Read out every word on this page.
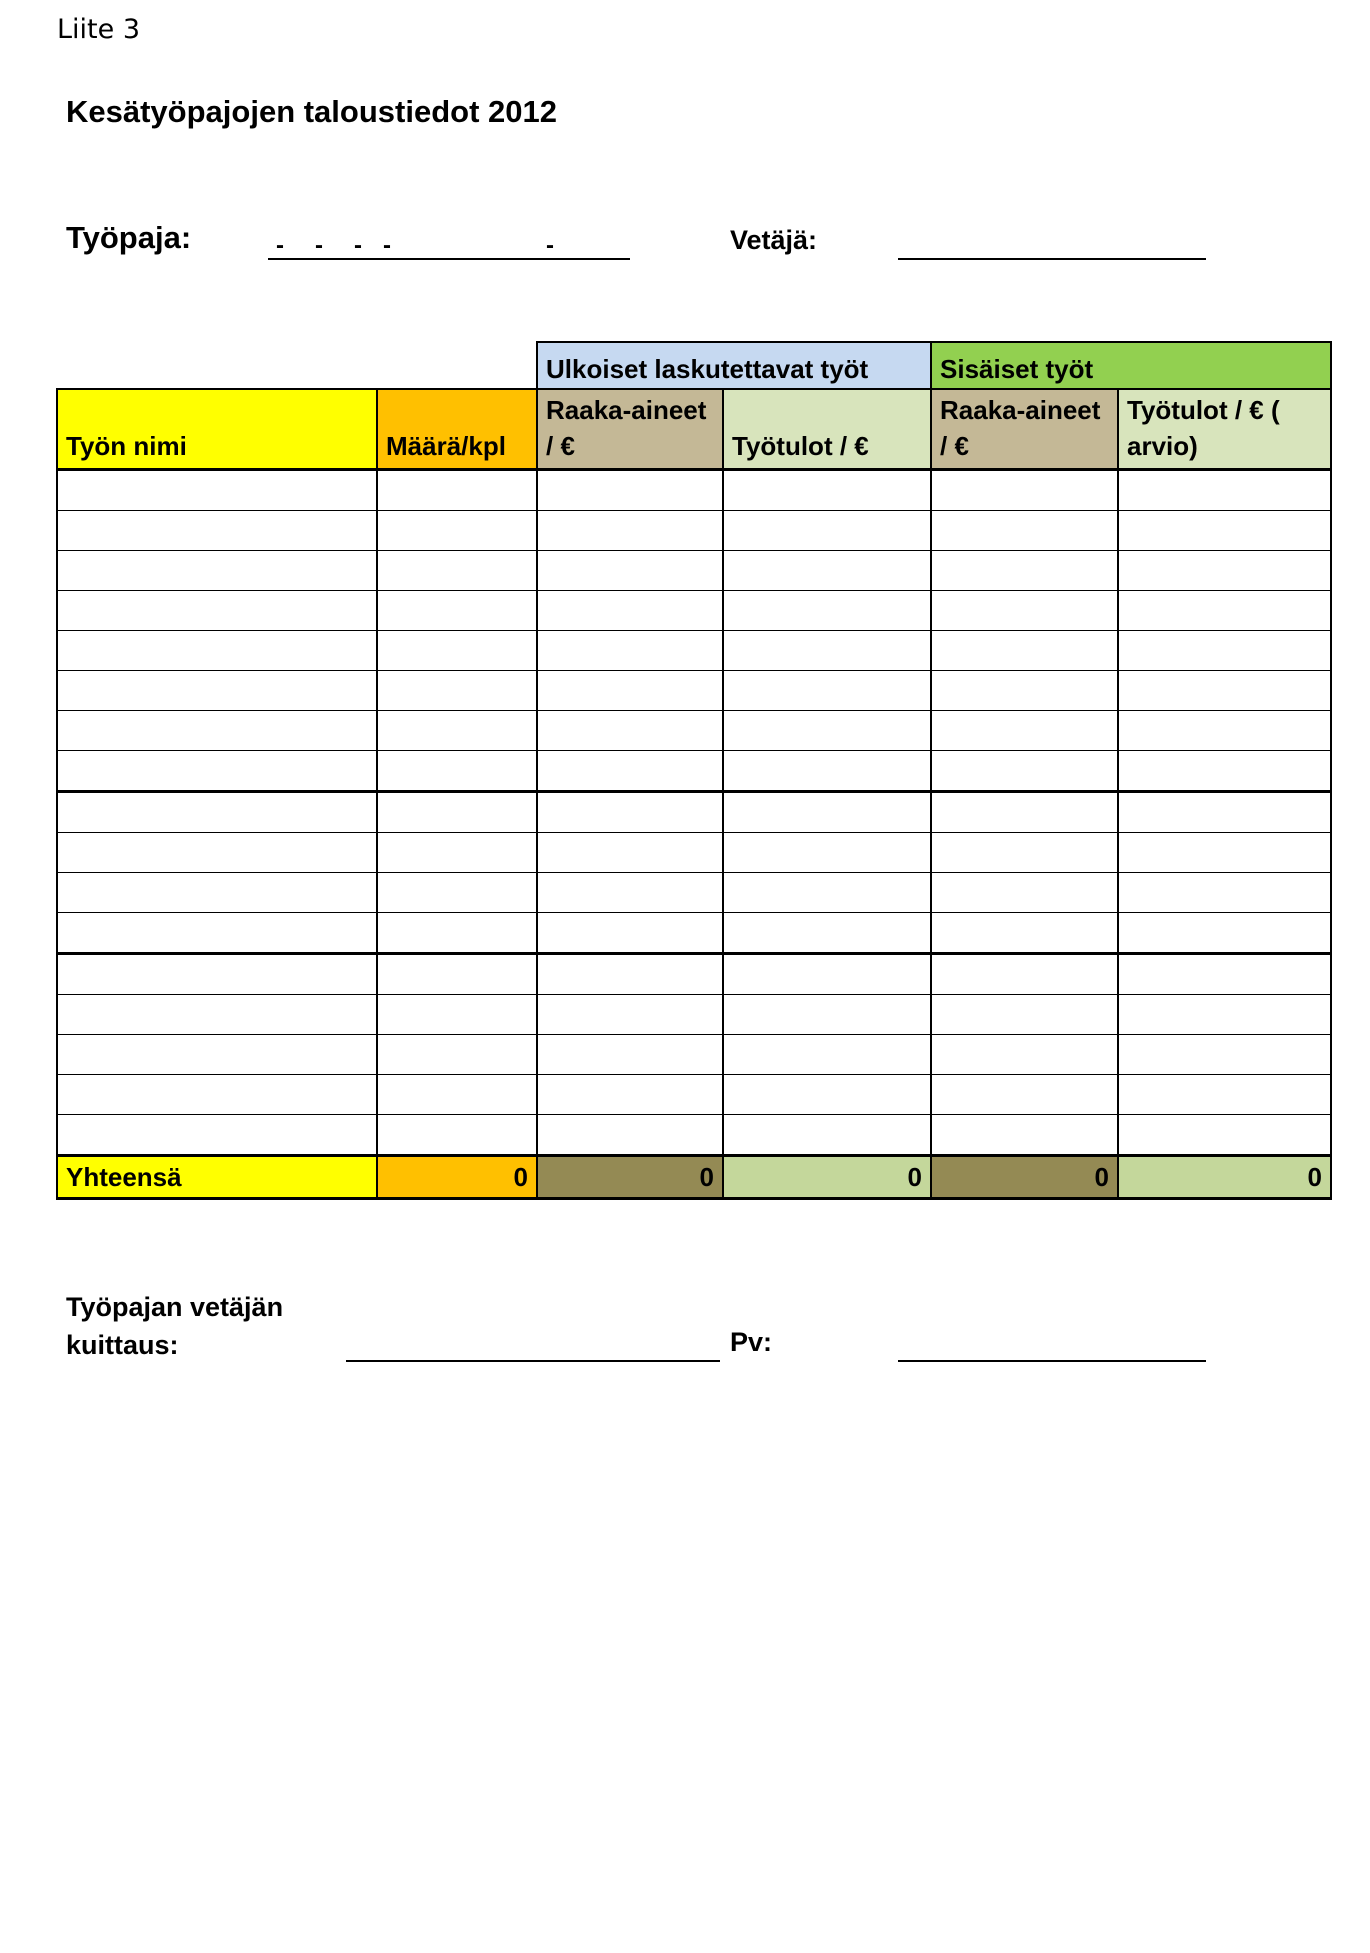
Liite 3
Kesätyöpajojen taloustiedot 2012
Työpaja:	- - - -	-	Vetäjä:
		Ulkoiset laskutettavat työt		Sisäiset työt	
Työn nimi	Määrä/kpl	Raaka-aineet / €	Työtulot / €	Raaka-aineet / €	Työtulot / € ( arvio)

Yhteensä	0	0	0	0	0
Työpajan vetäjän kuittaus:	Pv:
